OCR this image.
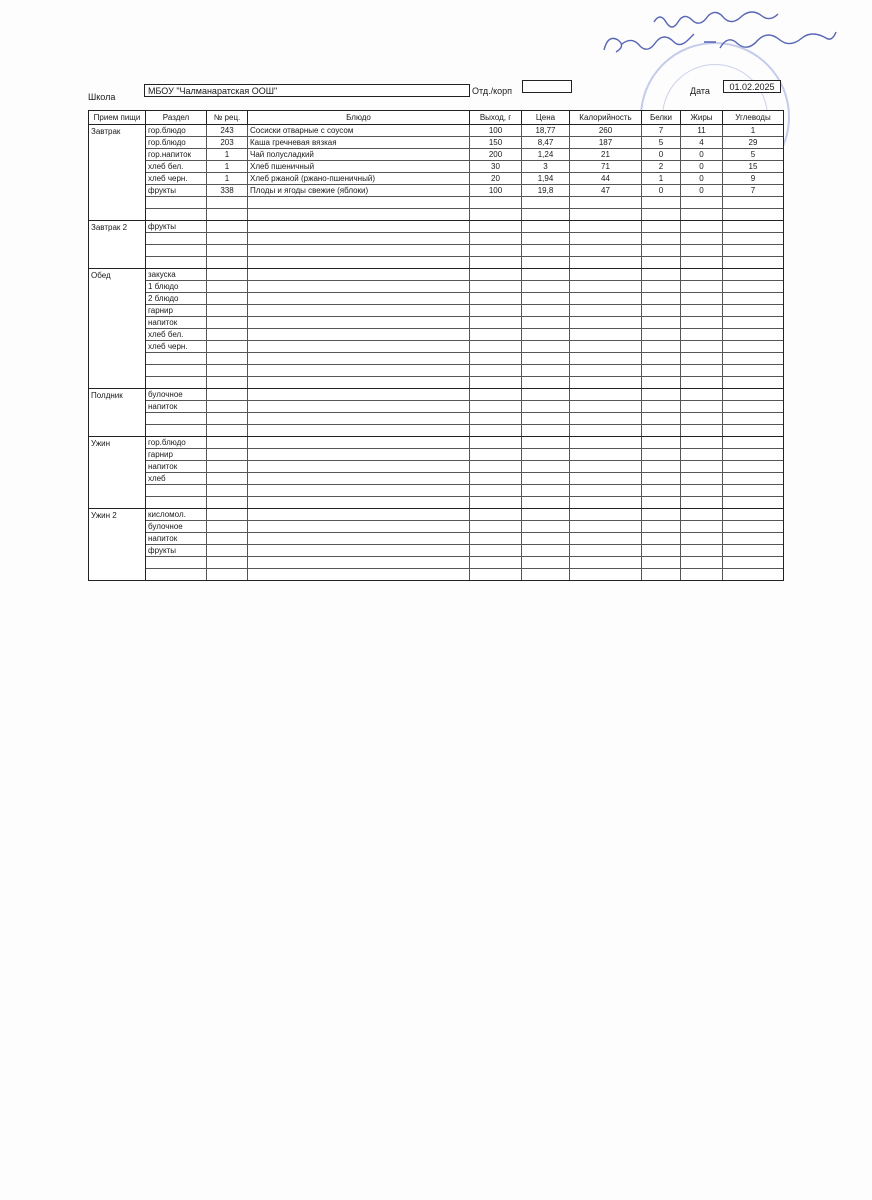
Школа
МБОУ "Чалманаратская ООШ"	Отд./корп	Дата	01.02.2025
Прием пищи	Раздел	№ рец.	Блюдо	Выход, г	Цена	Калорийность	Белки	Жиры	Углеводы
Завтрак	гор.блюдо	243	Сосиски отварные с соусом	100	18,77	260	7	11	1
гор.блюдо	203	Каша гречневая вязкая	150	8,47	187	5	4	29
гор.напиток	1	Чай полусладкий	200	1,24	21	0	0	5
хлеб бел.	1	Хлеб пшеничный	30	3	71	2	0	15
хлеб черн.	1	Хлеб ржаной (ржано-пшеничный)	20	1,94	44	1	0	9
фрукты	338	Плоды и ягоды свежие (яблоки)	100	19,8	47	0	0	7
Завтрак 2	фрукты
Обед	закуска
1 блюдо
2 блюдо
гарнир
напиток
хлеб бел.
хлеб черн.
Полдник	булочное
напиток
Ужин	гор.блюдо
гарнир
напиток
хлеб
Ужин 2	кисломол.
булочное
напиток
фрукты
